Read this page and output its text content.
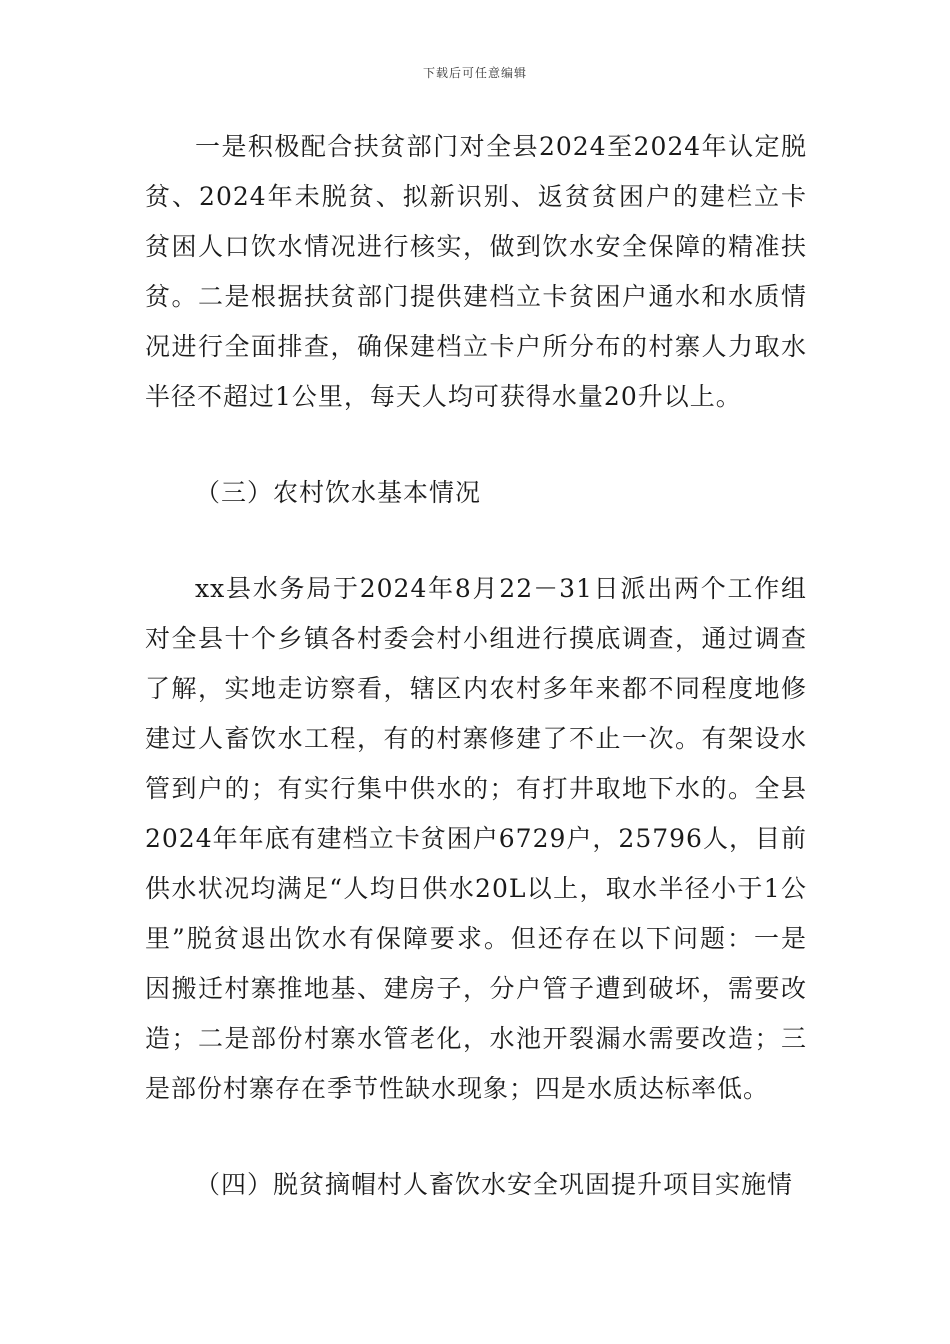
下载后可任意编辑

一是积极配合扶贫部门对全县2024至2024年认定脱贫、2024年未脱贫、拟新识别、返贫贫困户的建栏立卡贫困人口饮水情况进行核实，做到饮水安全保障的精准扶贫。二是根据扶贫部门提供建档立卡贫困户通水和水质情况进行全面排查，确保建档立卡户所分布的村寨人力取水半径不超过1公里，每天人均可获得水量20升以上。

（三）农村饮水基本情况

xx县水务局于2024年8月22－31日派出两个工作组对全县十个乡镇各村委会村小组进行摸底调查，通过调查了解，实地走访察看，辖区内农村多年来都不同程度地修建过人畜饮水工程，有的村寨修建了不止一次。有架设水管到户的；有实行集中供水的；有打井取地下水的。全县2024年年底有建档立卡贫困户6729户，25796人，目前供水状况均满足“人均日供水20L以上，取水半径小于1公里”脱贫退出饮水有保障要求。但还存在以下问题：一是因搬迁村寨推地基、建房子，分户管子遭到破坏，需要改造；二是部份村寨水管老化，水池开裂漏水需要改造；三是部份村寨存在季节性缺水现象；四是水质达标率低。

（四）脱贫摘帽村人畜饮水安全巩固提升项目实施情
